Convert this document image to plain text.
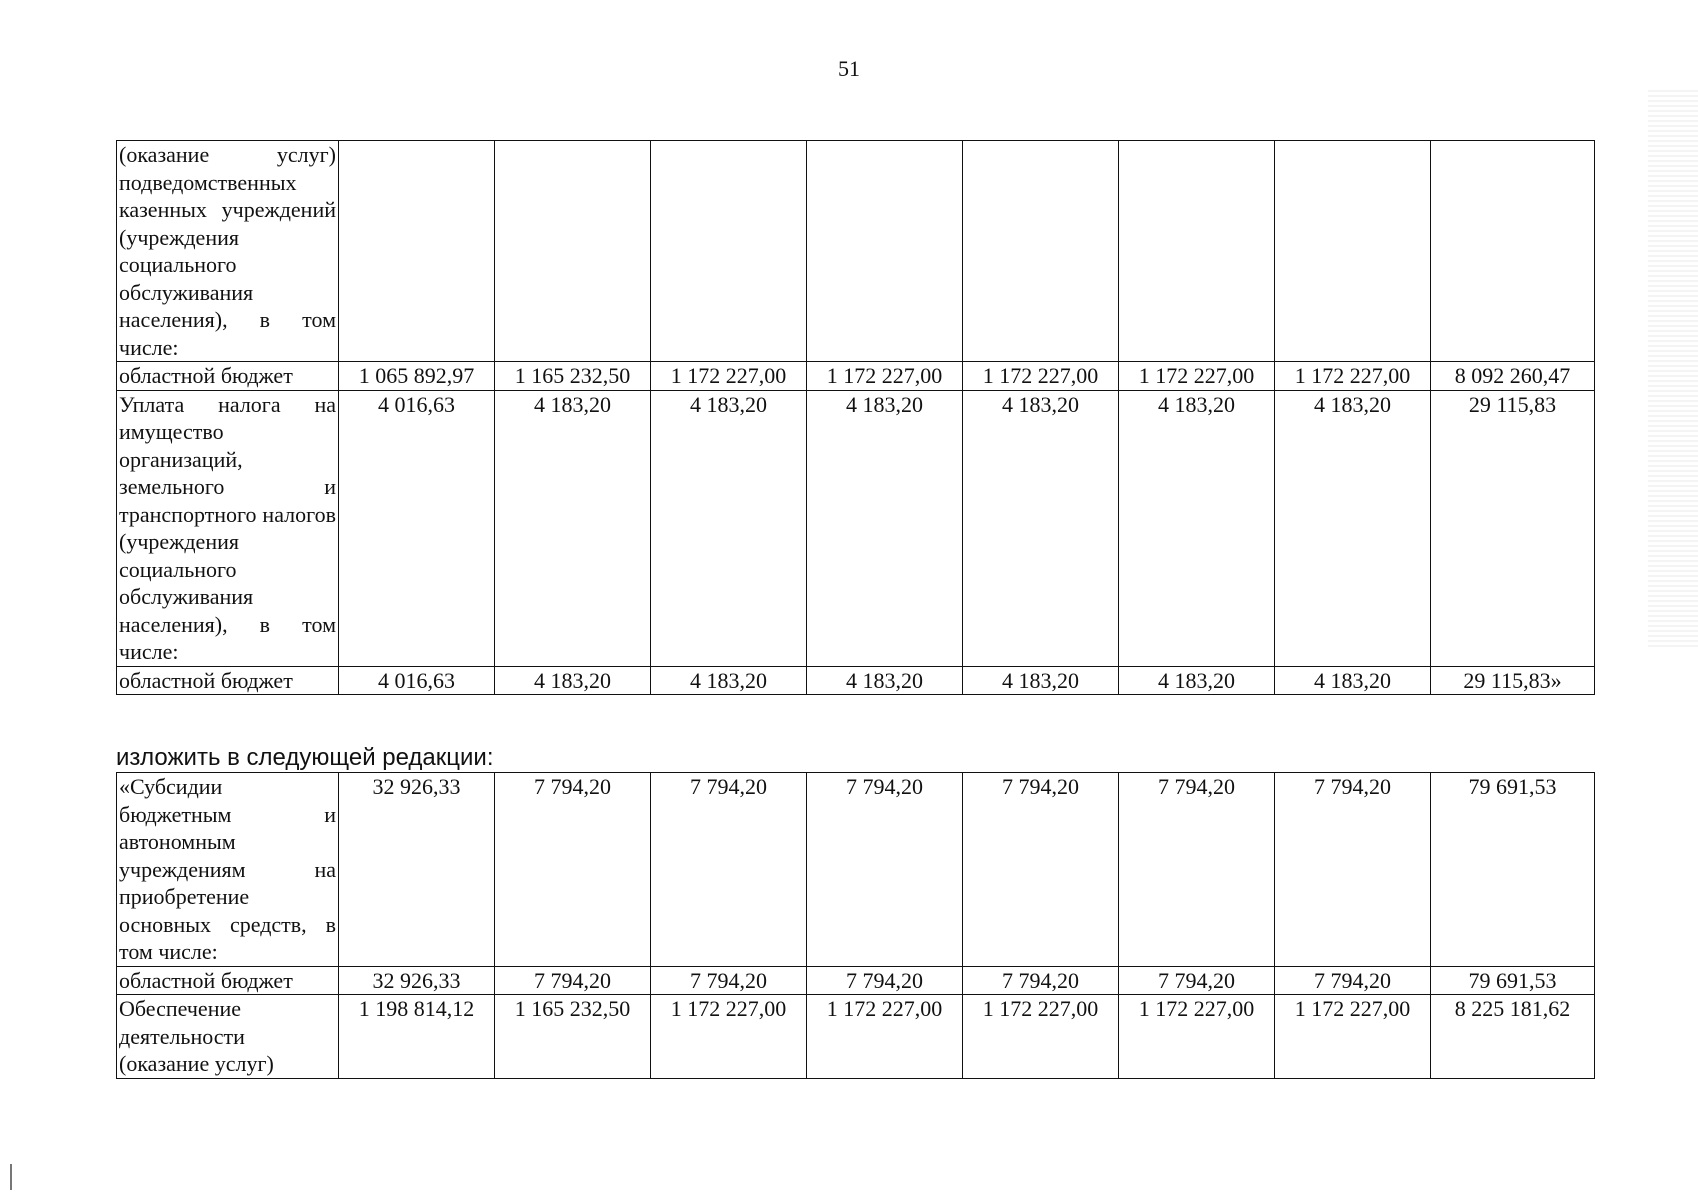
51
(оказание услуг) подведомственных казенных учреждений (учреждения социального обслуживания населения), в том числе:								
областной бюджет	1 065 892,97	1 165 232,50	1 172 227,00	1 172 227,00	1 172 227,00	1 172 227,00	1 172 227,00	8 092 260,47
Уплата налога на имущество организаций, земельного и транспортного налогов (учреждения социального обслуживания населения), в том числе:	4 016,63	4 183,20	4 183,20	4 183,20	4 183,20	4 183,20	4 183,20	29 115,83
областной бюджет	4 016,63	4 183,20	4 183,20	4 183,20	4 183,20	4 183,20	4 183,20	29 115,83»
изложить в следующей редакции:
«Субсидии бюджетным и автономным учреждениям на приобретение основных средств, в том числе:	32 926,33	7 794,20	7 794,20	7 794,20	7 794,20	7 794,20	7 794,20	79 691,53
областной бюджет	32 926,33	7 794,20	7 794,20	7 794,20	7 794,20	7 794,20	7 794,20	79 691,53
Обеспечение деятельности (оказание услуг)	1 198 814,12	1 165 232,50	1 172 227,00	1 172 227,00	1 172 227,00	1 172 227,00	1 172 227,00	8 225 181,62
